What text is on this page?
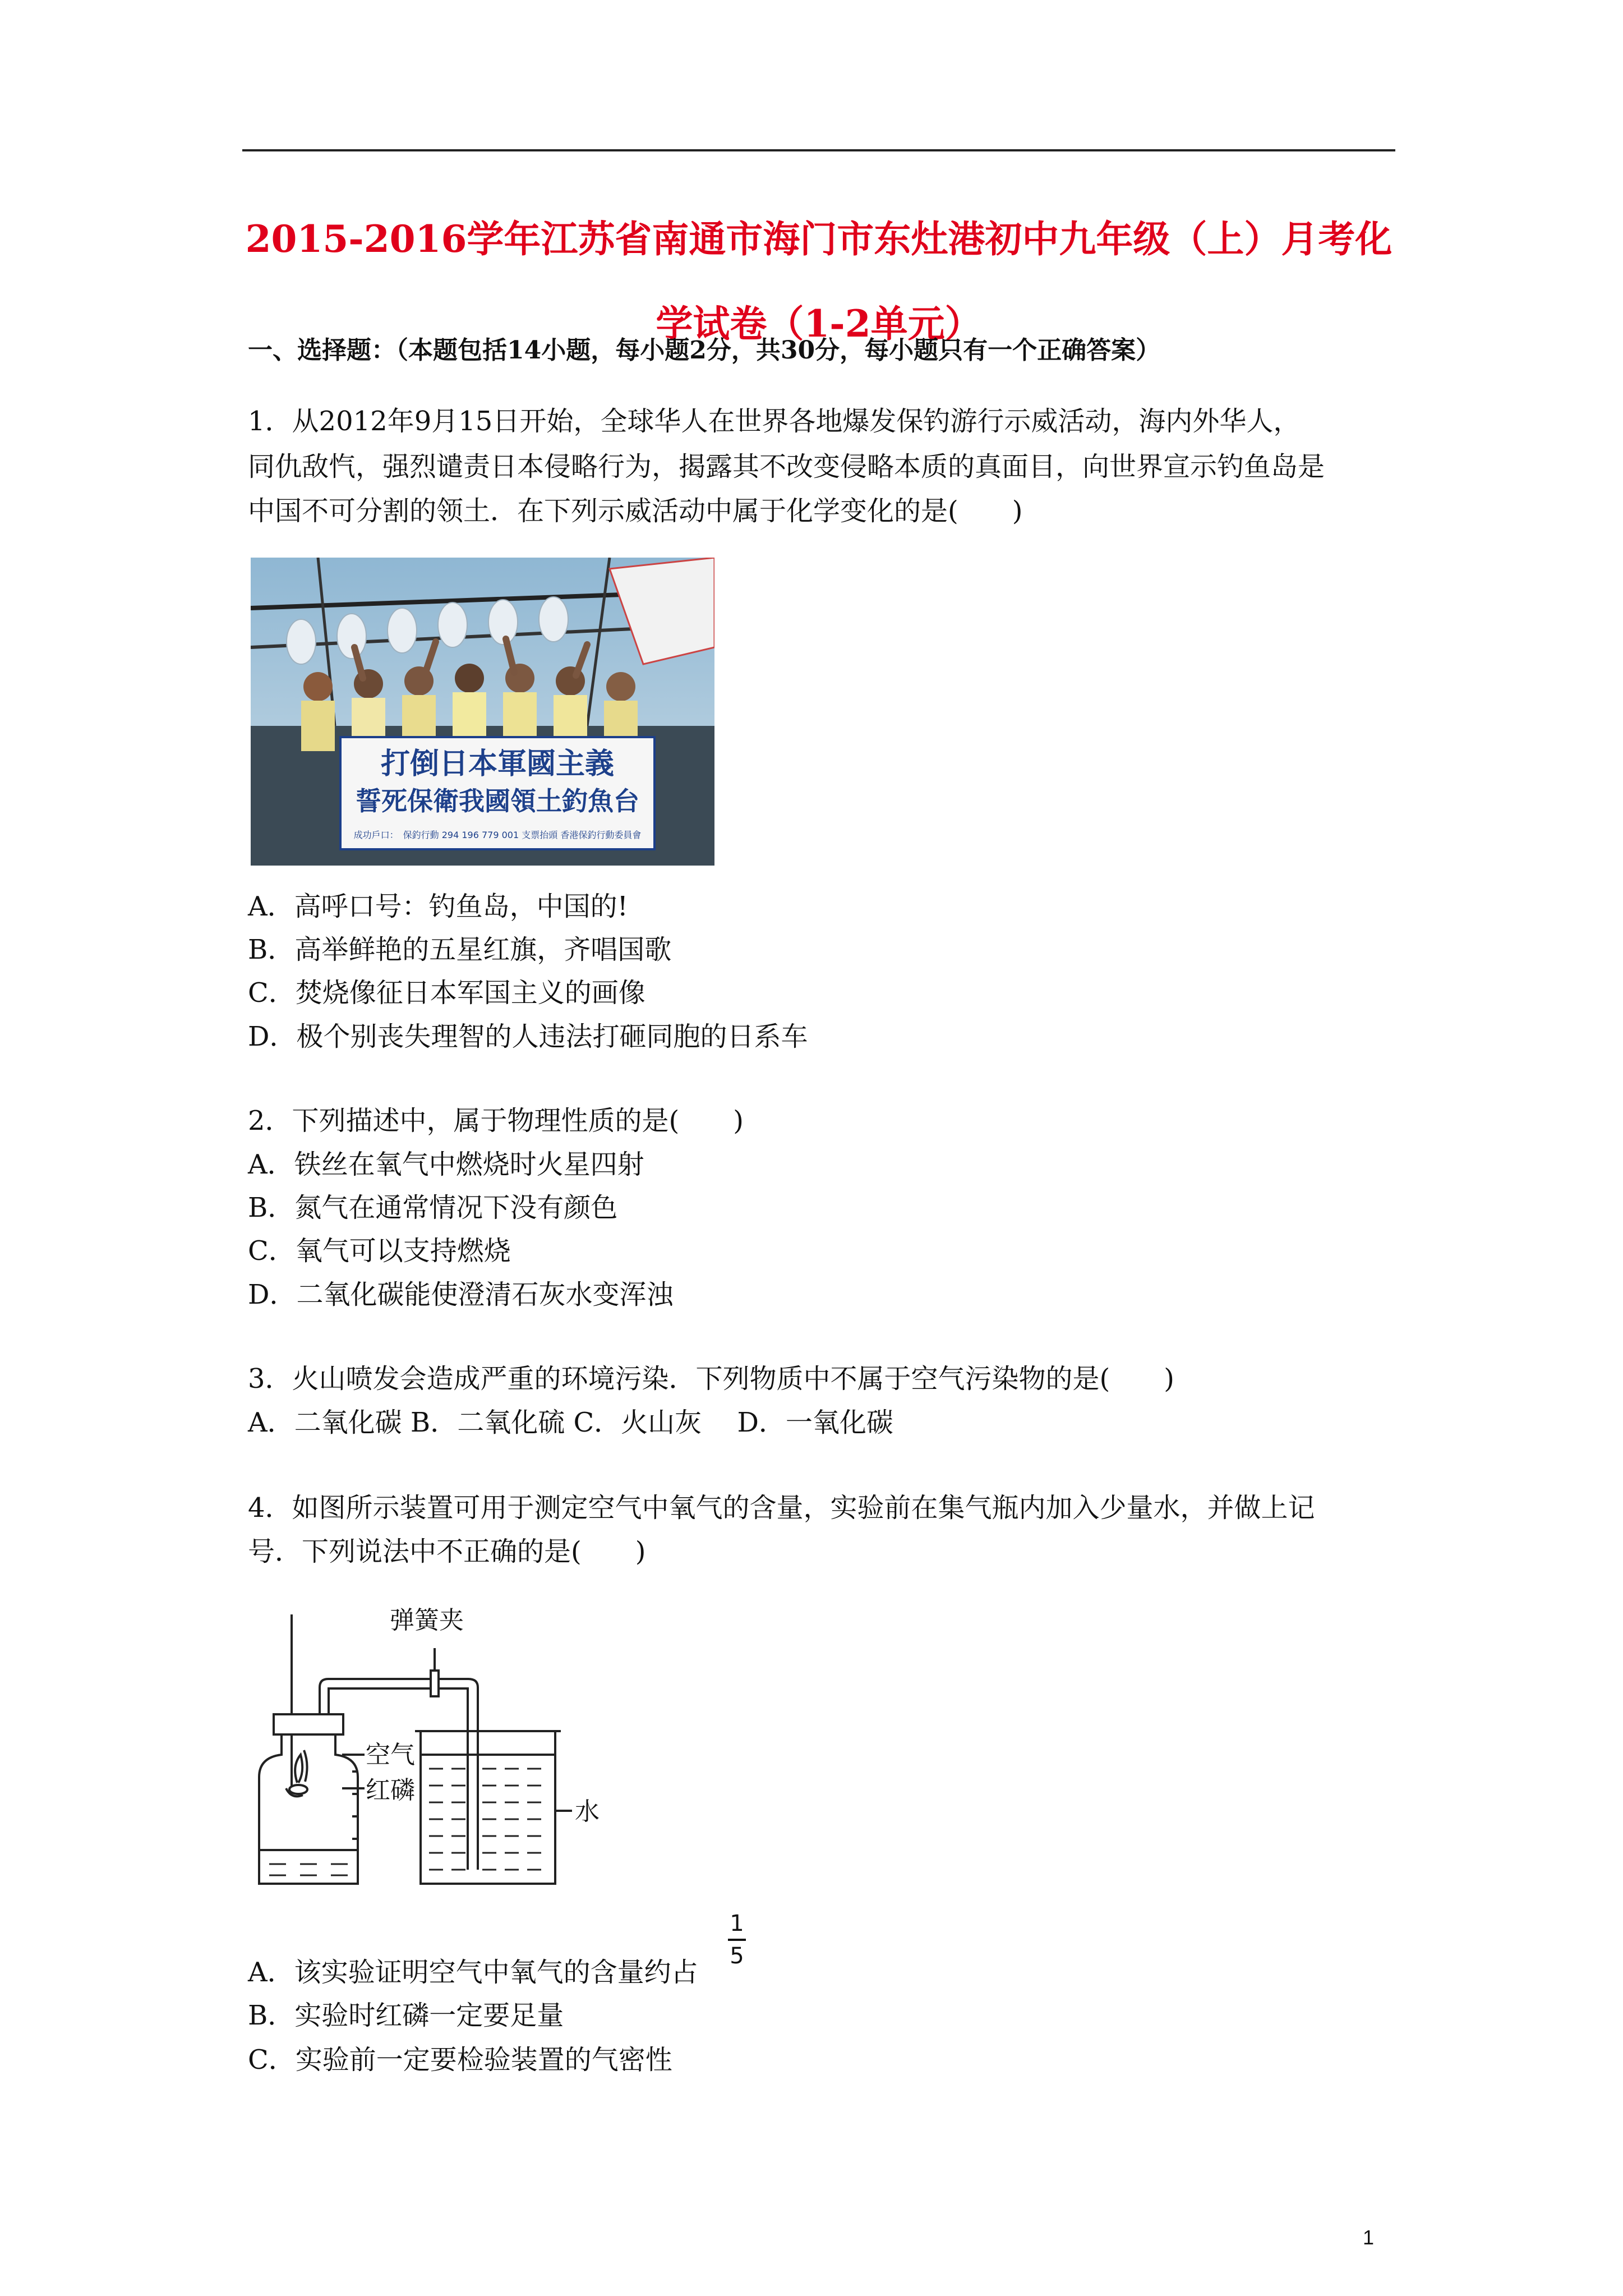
2015-2016学年江苏省南通市海门市东灶港初中九年级（上）月考化
学试卷（1-2单元）
一、选择题：（本题包括14小题，每小题2分，共30分，每小题只有一个正确答案）
1．从2012年9月15日开始，全球华人在世界各地爆发保钓游行示威活动，海内外华人，
同仇敌忾，强烈谴责日本侵略行为，揭露其不改变侵略本质的真面目，向世界宣示钓鱼岛是
中国不可分割的领土．在下列示威活动中属于化学变化的是(　　)
打倒日本軍國主義
誓死保衛我國領土釣魚台
成功戶口：　保釣行動 294 196 779 001 支票抬頭 香港保釣行動委員會
A．高呼口号：钓鱼岛，中国的!
B．高举鲜艳的五星红旗，齐唱国歌
C．焚烧像征日本军国主义的画像
D．极个别丧失理智的人违法打砸同胞的日系车
2．下列描述中，属于物理性质的是(　　)
A．铁丝在氧气中燃烧时火星四射
B．氮气在通常情况下没有颜色
C．氧气可以支持燃烧
D．二氧化碳能使澄清石灰水变浑浊
3．火山喷发会造成严重的环境污染．下列物质中不属于空气污染物的是(　　)
A．二氧化碳 B．二氧化硫 C．火山灰　 D．一氧化碳
4．如图所示装置可用于测定空气中氧气的含量，实验前在集气瓶内加入少量水，并做上记
号．下列说法中不正确的是(　　)
弹簧夹
空气
红磷
水
A．该实验证明空气中氧气的含量约占
1
5
B．实验时红磷一定要足量
C．实验前一定要检验装置的气密性
1
